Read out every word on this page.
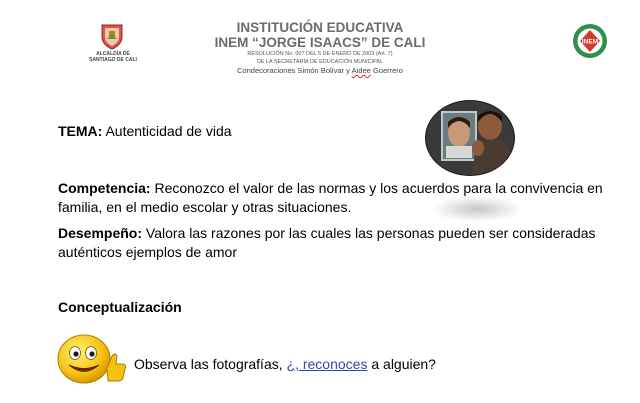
ALCALDÍA DE
SANTIAGO DE CALI
INSTITUCIÓN EDUCATIVA
INEM “JORGE ISAACS” DE CALI
RESOLUCIÓN No. 007 DEL 5 DE ENERO DE 2003 (Art. 7)
DE LA SECRETARÍA DE EDUCACIÓN MUNICIPAL
Condecoraciones Simón Bolívar y Aidee Guerrero
INEM
TEMA: Autenticidad de vida
Competencia: Reconozco el valor de las normas y los acuerdos para la convivencia en familia, en el medio escolar y otras situaciones.
Desempeño: Valora las razones por las cuales las personas pueden ser consideradas auténticos ejemplos de amor
Conceptualización
Observa las fotografías, ¿, reconoces a alguien?
